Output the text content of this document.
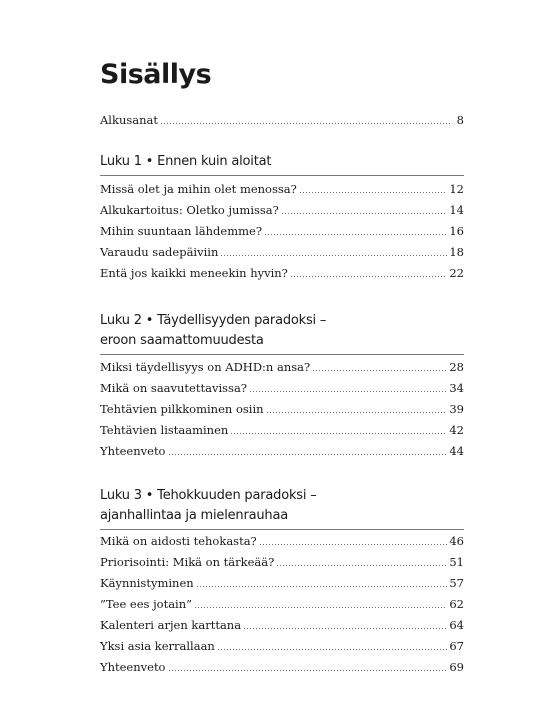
Sisällys
Alkusanat	8
Luku 1 • Ennen kuin aloitat
Missä olet ja mihin olet menossa?	12
Alkukartoitus: Oletko jumissa?	14
Mihin suuntaan lähdemme?	16
Varaudu sadepäiviin	18
Entä jos kaikki meneekin hyvin?	22
Luku 2 • Täydellisyyden paradoksi –
eroon saamattomuudesta
Miksi täydellisyys on ADHD:n ansa?	28
Mikä on saavutettavissa?	34
Tehtävien pilkkominen osiin	39
Tehtävien listaaminen	42
Yhteenveto	44
Luku 3 • Tehokkuuden paradoksi –
ajanhallintaa ja mielenrauhaa
Mikä on aidosti tehokasta?	46
Priorisointi: Mikä on tärkeää?	51
Käynnistyminen	57
”Tee ees jotain”	62
Kalenteri arjen karttana	64
Yksi asia kerrallaan	67
Yhteenveto	69
